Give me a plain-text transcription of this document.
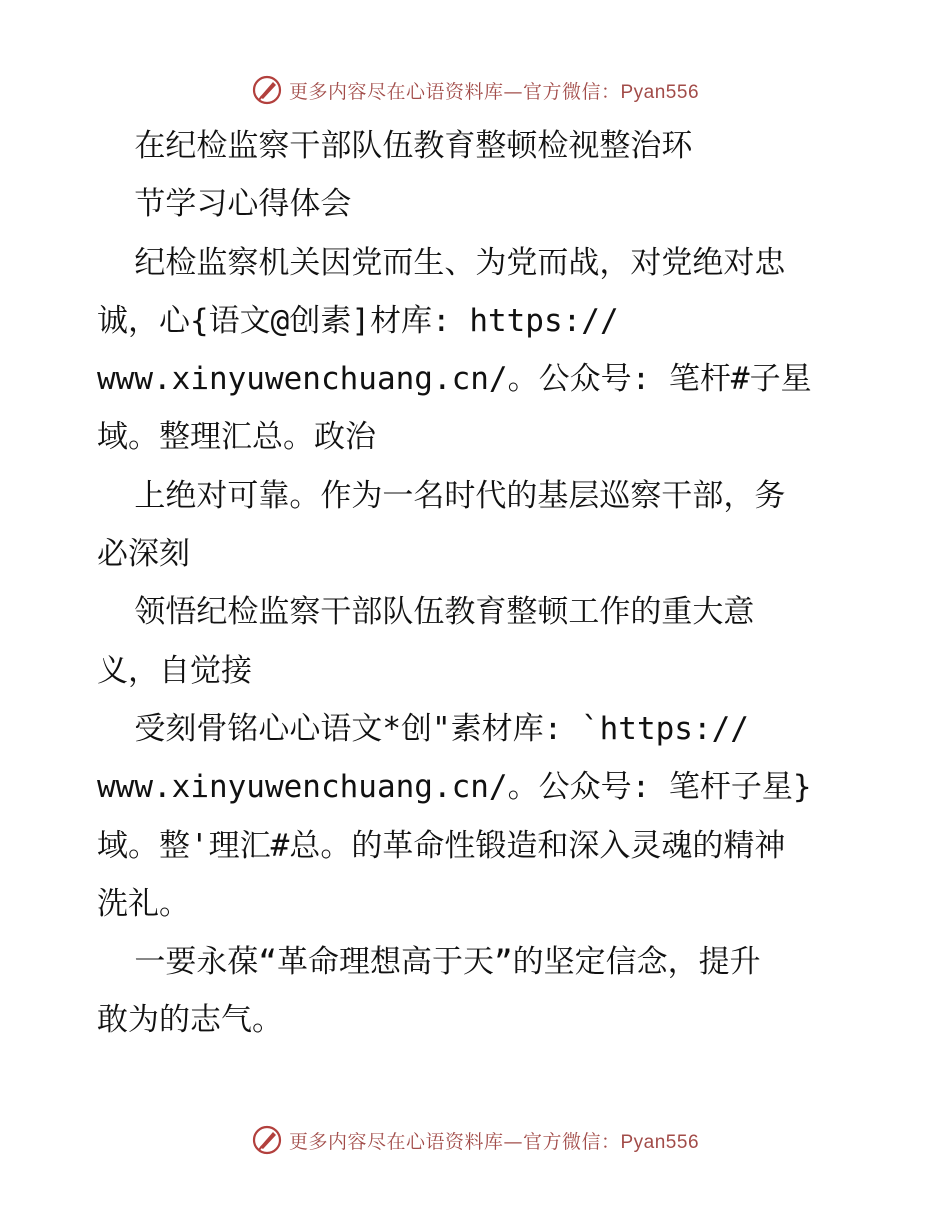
更多内容尽在心语资料库—官方微信：Pyan556
在纪检监察干部队伍教育整顿检视整治环
节学习心得体会
纪检监察机关因党而生、为党而战，对党绝对忠
诚，心{语文@创素]材库: https://
www.xinyuwenchuang.cn/。公众号: 笔杆#子星
域。整理汇总。政治
上绝对可靠。作为一名时代的基层巡察干部，务
必深刻
领悟纪检监察干部队伍教育整顿工作的重大意
义，自觉接
受刻骨铭心心语文*创"素材库: `https://
www.xinyuwenchuang.cn/。公众号: 笔杆子星}
域。整'理汇#总。的革命性锻造和深入灵魂的精神
洗礼。
一要永葆“革命理想高于天”的坚定信念，提升
敢为的志气。
更多内容尽在心语资料库—官方微信：Pyan556
